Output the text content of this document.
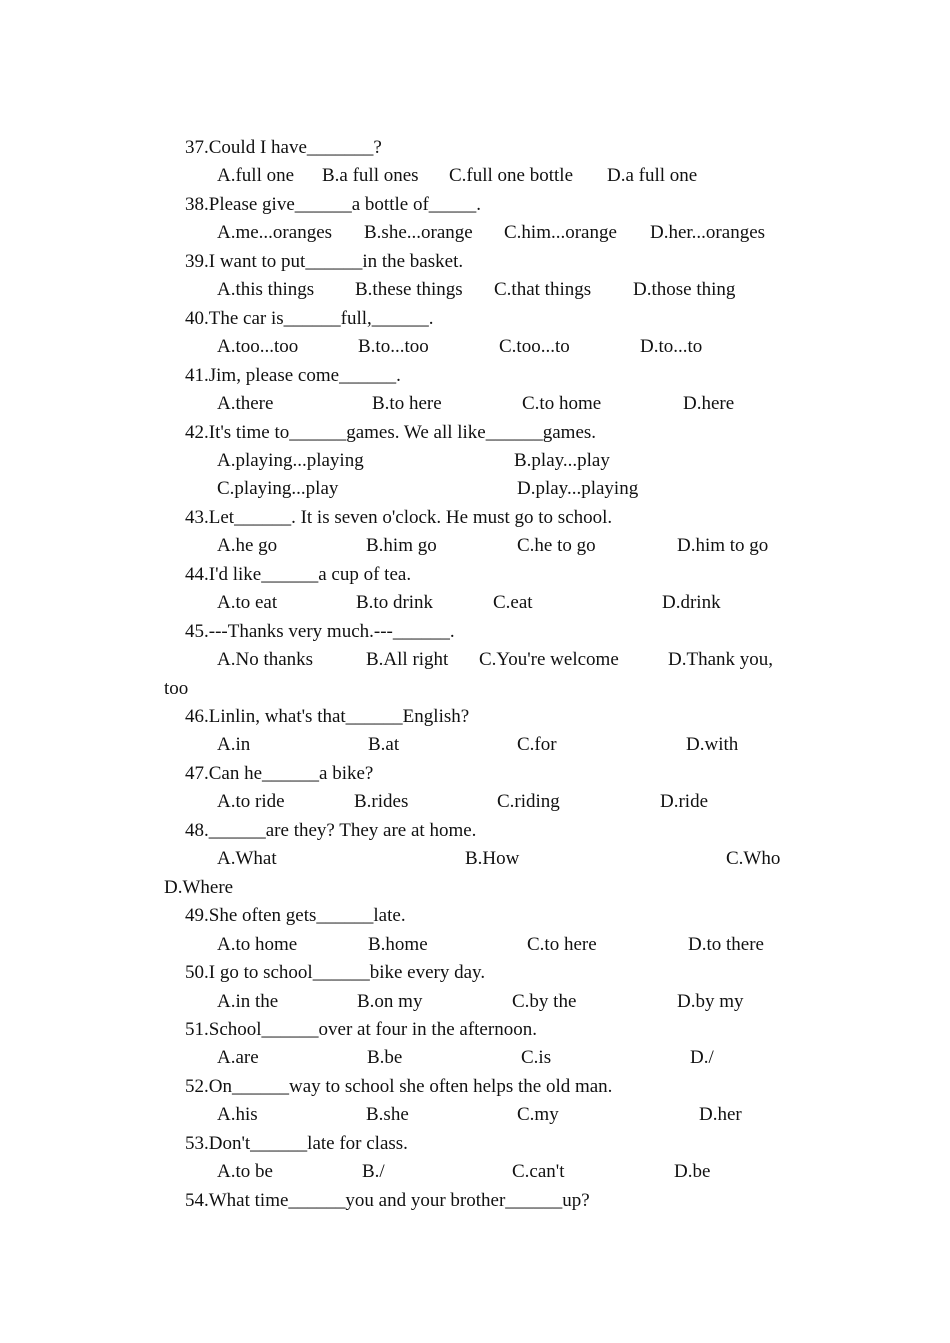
37.Could I have_______?
A.full one B.a full ones C.full one bottle D.a full one
38.Please give______a bottle of_____.
A.me...oranges B.she...orange C.him...orange D.her...oranges
39.I want to put______in the basket.
A.this things B.these things C.that things D.those thing
40.The car is______full,______.
A.too...too	B.to...too	C.too...to	D.to...to
41.Jim, please come______.
A.there	B.to here	C.to home	D.here
42.It's time to______games. We all like______games.
A.playing...playing	B.play...play
C.playing...play	D.play...playing
43.Let______. It is seven o'clock. He must go to school.
A.he go	B.him go	C.he to go	D.him to go
44.I'd like______a cup of tea.
A.to eat	B.to drink	C.eat	D.drink
45.---Thanks very much.---______.
A.No thanks	B.All right C.You're welcome	D.Thank you,
too
46.Linlin, what's that______English?
A.in	B.at	C.for	D.with
47.Can he______a bike?
A.to ride	B.rides	C.riding	D.ride
48.______are they? They are at home.
A.What	B.How	C.Who
D.Where
49.She often gets______late.
A.to home	B.home	C.to here	D.to there
50.I go to school______bike every day.
A.in the	B.on my	C.by the	D.by my
51.School______over at four in the afternoon.
A.are	B.be	C.is	D./
52.On______way to school she often helps the old man.
A.his	B.she	C.my	D.her
53.Don't______late for class.
A.to be	B./	C.can't	D.be
54.What time______you and your brother______up?
